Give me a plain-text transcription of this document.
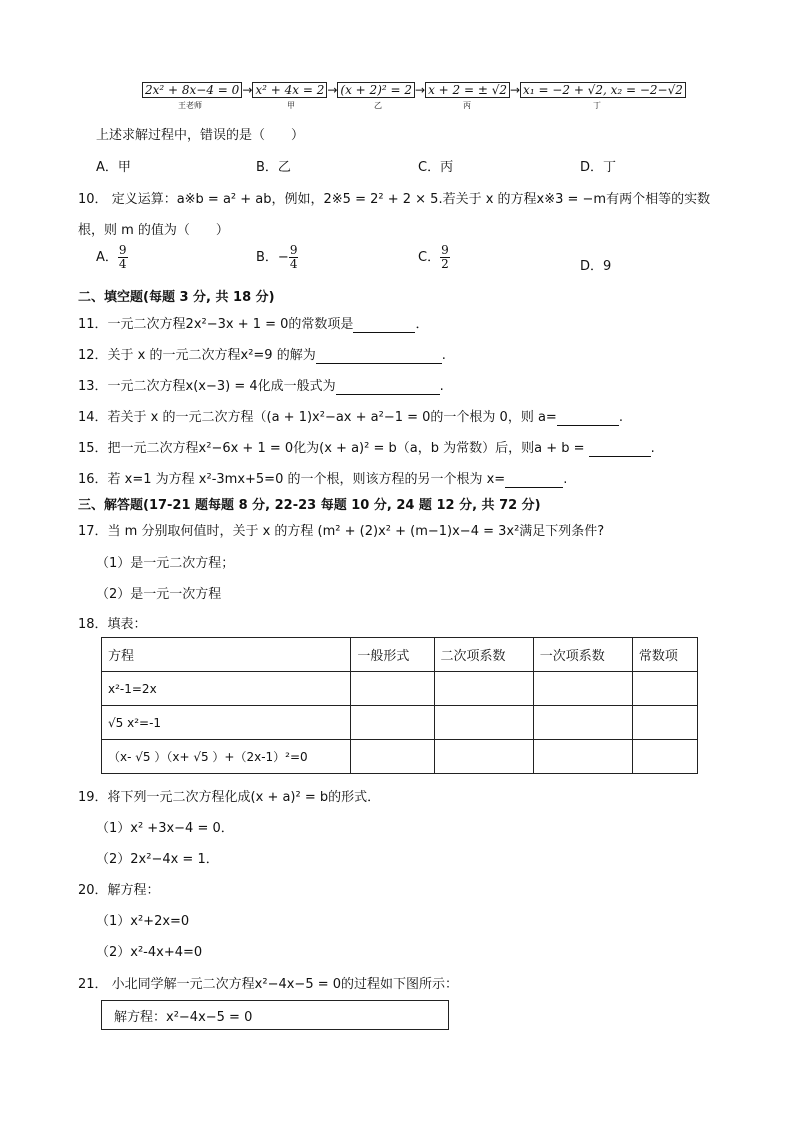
2x² + 8x−4 = 0 → x² + 4x = 2 → (x + 2)² = 2 → x + 2 = ± √2 → x₁ = −2 + √2, x₂ = −2−√2
王老师	甲	乙	丙	丁
上述求解过程中，错误的是（　　）
A．甲	B．乙	C．丙	D．丁
10． 定义运算：a※b = a² + ab，例如，2※5 = 2² + 2 × 5.若关于 x 的方程x※3 = −m有两个相等的实数
根，则 m 的值为（　　）
A． $\frac{9}{4}$	B．− $\frac{9}{4}$	C． $\frac{9}{2}$	D．9
二、填空题(每题 3 分, 共 18 分)
11．一元二次方程2x²−3x + 1 = 0的常数项是	．
12．关于 x 的一元二次方程x²=9 的解为	.
13．一元二次方程x(x−3) = 4化成一般式为	.
14．若关于 x 的一元二次方程（(a + 1)x²−ax + a²−1 = 0的一个根为 0，则 a=	.
15．把一元二次方程x²−6x + 1 = 0化为(x + a)² = b（a，b 为常数）后，则a + b =	.
16．若 x=1 为方程 x²-3mx+5=0 的一个根，则该方程的另一个根为 x=	.
三、解答题(17-21 题每题 8 分, 22-23 每题 10 分, 24 题 12 分, 共 72 分)
17．当 m 分别取何值时，关于 x 的方程 (m² + (2)x² + (m−1)x−4 = 3x²满足下列条件?
（1）是一元二次方程；
（2）是一元一次方程
18．填表：
方程	一般形式	二次项系数	一次项系数	常数项
x²-1=2x				
√5 x²=-1				
（x- √5 ）（x+ √5 ）+（2x-1）²=0				
19．将下列一元二次方程化成(x + a)² = b的形式．
（1）x² +3x−4 = 0．
（2）2x²−4x = 1．
20．解方程：
（1）x²+2x=0
（2）x²-4x+4=0
21． 小北同学解一元二次方程x²−4x−5 = 0的过程如下图所示：
解方程：x²−4x−5 = 0
